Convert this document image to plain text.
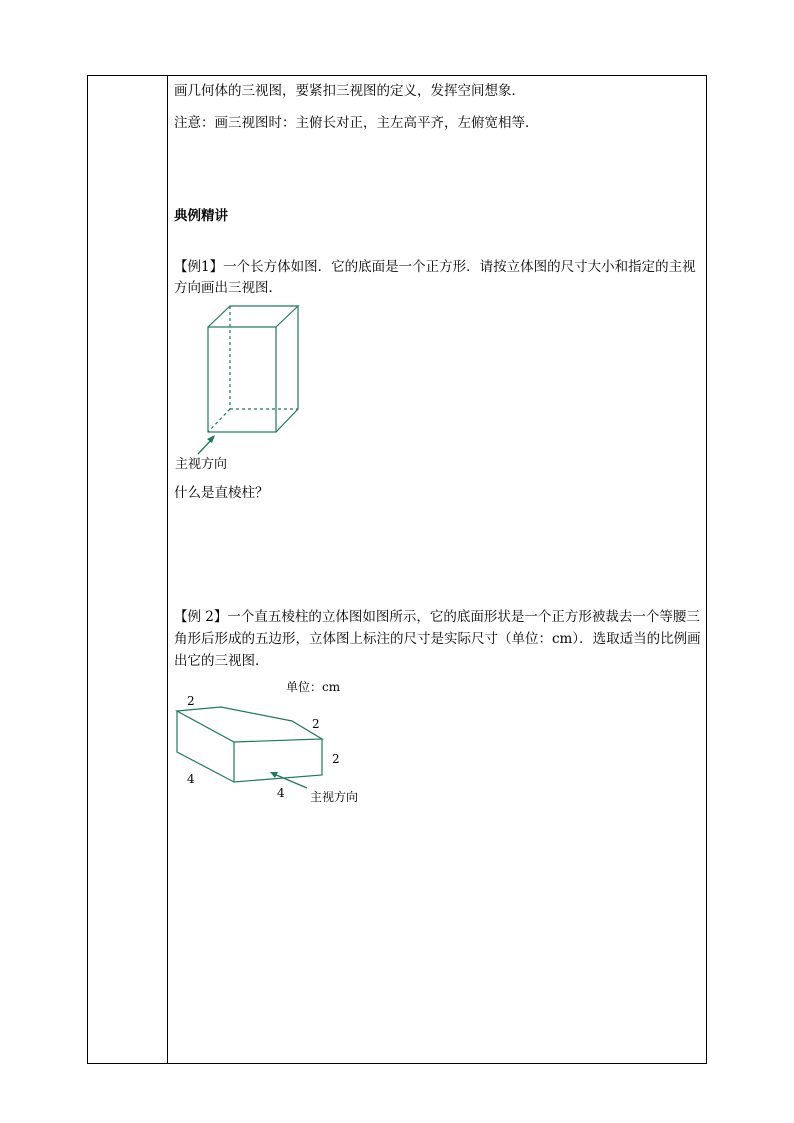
画几何体的三视图，要紧扣三视图的定义，发挥空间想象．
注意：画三视图时：主俯长对正，主左高平齐，左俯宽相等．
典例精讲
【例1】一个长方体如图．它的底面是一个正方形．请按立体图的尺寸大小和指定的主视方向画出三视图．
主视方向
什么是直棱柱？
【例 2】一个直五棱柱的立体图如图所示，它的底面形状是一个正方形被裁去一个等腰三角形后形成的五边形，立体图上标注的尺寸是实际尺寸（单位：cm）．选取适当的比例画出它的三视图．
单位：cm
2
2
2
4
4 主视方向
